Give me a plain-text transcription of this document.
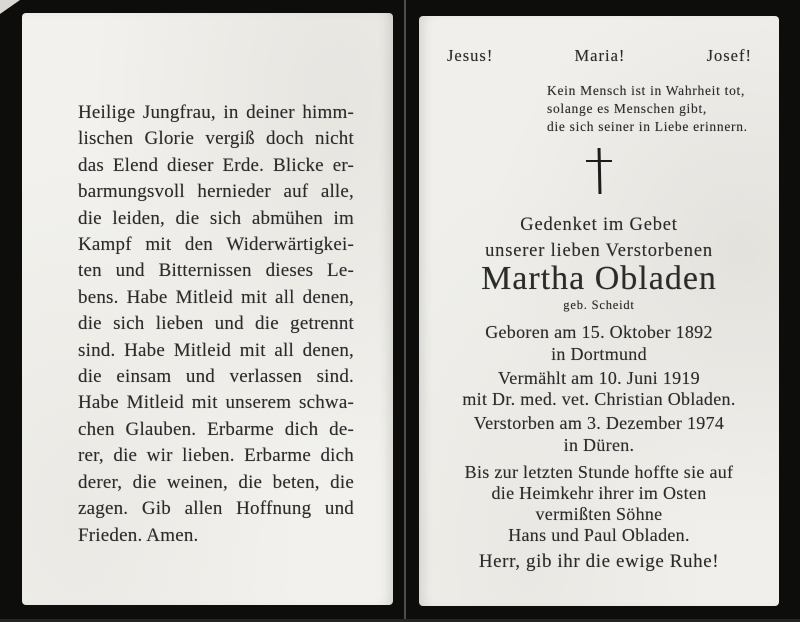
Heilige Jungfrau, in deiner himm-
lischen Glorie vergiß doch nicht
das Elend dieser Erde. Blicke er-
barmungsvoll hernieder auf alle,
die leiden, die sich abmühen im
Kampf mit den Widerwärtigkei-
ten und Bitternissen dieses Le-
bens. Habe Mitleid mit all denen,
die sich lieben und die getrennt
sind. Habe Mitleid mit all denen,
die einsam und verlassen sind.
Habe Mitleid mit unserem schwa-
chen Glauben. Erbarme dich de-
rer, die wir lieben. Erbarme dich
derer, die weinen, die beten, die
zagen. Gib allen Hoffnung und
Frieden. Amen.
Jesus!	Maria!	Josef!
Kein Mensch ist in Wahrheit tot,
solange es Menschen gibt,
die sich seiner in Liebe erinnern.
Gedenket im Gebet
unserer lieben Verstorbenen
Martha Obladen
geb. Scheidt
Geboren am 15. Oktober 1892
in Dortmund
Vermählt am 10. Juni 1919
mit Dr. med. vet. Christian Obladen.
Verstorben am 3. Dezember 1974
in Düren.
Bis zur letzten Stunde hoffte sie auf
die Heimkehr ihrer im Osten
vermißten Söhne
Hans und Paul Obladen.
Herr, gib ihr die ewige Ruhe!
